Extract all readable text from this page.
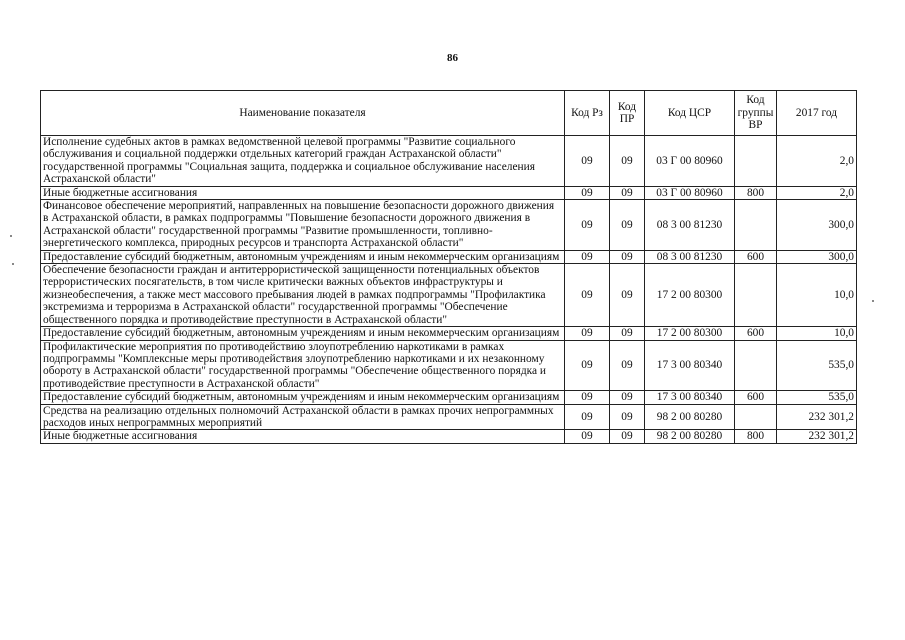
86
Наименование показателя	Код Рз	Код ПР	Код ЦСР	Код группы ВР	2017 год
Исполнение судебных актов в рамках ведомственной целевой программы "Развитие социального обслуживания и социальной поддержки отдельных категорий граждан Астраханской области" государственной программы "Социальная защита, поддержка и социальное обслуживание населения Астраханской области"	09	09	03 Г 00 80960		2,0
Иные бюджетные ассигнования	09	09	03 Г 00 80960	800	2,0
Финансовое обеспечение мероприятий, направленных на повышение безопасности дорожного движения в Астраханской области, в рамках подпрограммы "Повышение безопасности дорожного движения в Астраханской области" государственной программы "Развитие промышленности, топливно-энергетического комплекса, природных ресурсов и транспорта Астраханской области"	09	09	08 3 00 81230		300,0
Предоставление субсидий бюджетным, автономным учреждениям и иным некоммерческим организациям	09	09	08 3 00 81230	600	300,0
Обеспечение безопасности граждан и антитеррористической защищенности потенциальных объектов террористических посягательств, в том числе критически важных объектов инфраструктуры и жизнеобеспечения, а также мест массового пребывания людей в рамках подпрограммы "Профилактика экстремизма и терроризма в Астраханской области" государственной программы "Обеспечение общественного порядка и противодействие преступности в Астраханской области"	09	09	17 2 00 80300		10,0
Предоставление субсидий бюджетным, автономным учреждениям и иным некоммерческим организациям	09	09	17 2 00 80300	600	10,0
Профилактические мероприятия по противодействию злоупотреблению наркотиками в рамках подпрограммы "Комплексные меры противодействия злоупотреблению наркотиками и их незаконному обороту в Астраханской области" государственной программы "Обеспечение общественного порядка и противодействие преступности в Астраханской области"	09	09	17 3 00 80340		535,0
Предоставление субсидий бюджетным, автономным учреждениям и иным некоммерческим организациям	09	09	17 3 00 80340	600	535,0
Средства на реализацию отдельных полномочий Астраханской области в рамках прочих непрограммных расходов иных непрограммных мероприятий	09	09	98 2 00 80280		232 301,2
Иные бюджетные ассигнования	09	09	98 2 00 80280	800	232 301,2
